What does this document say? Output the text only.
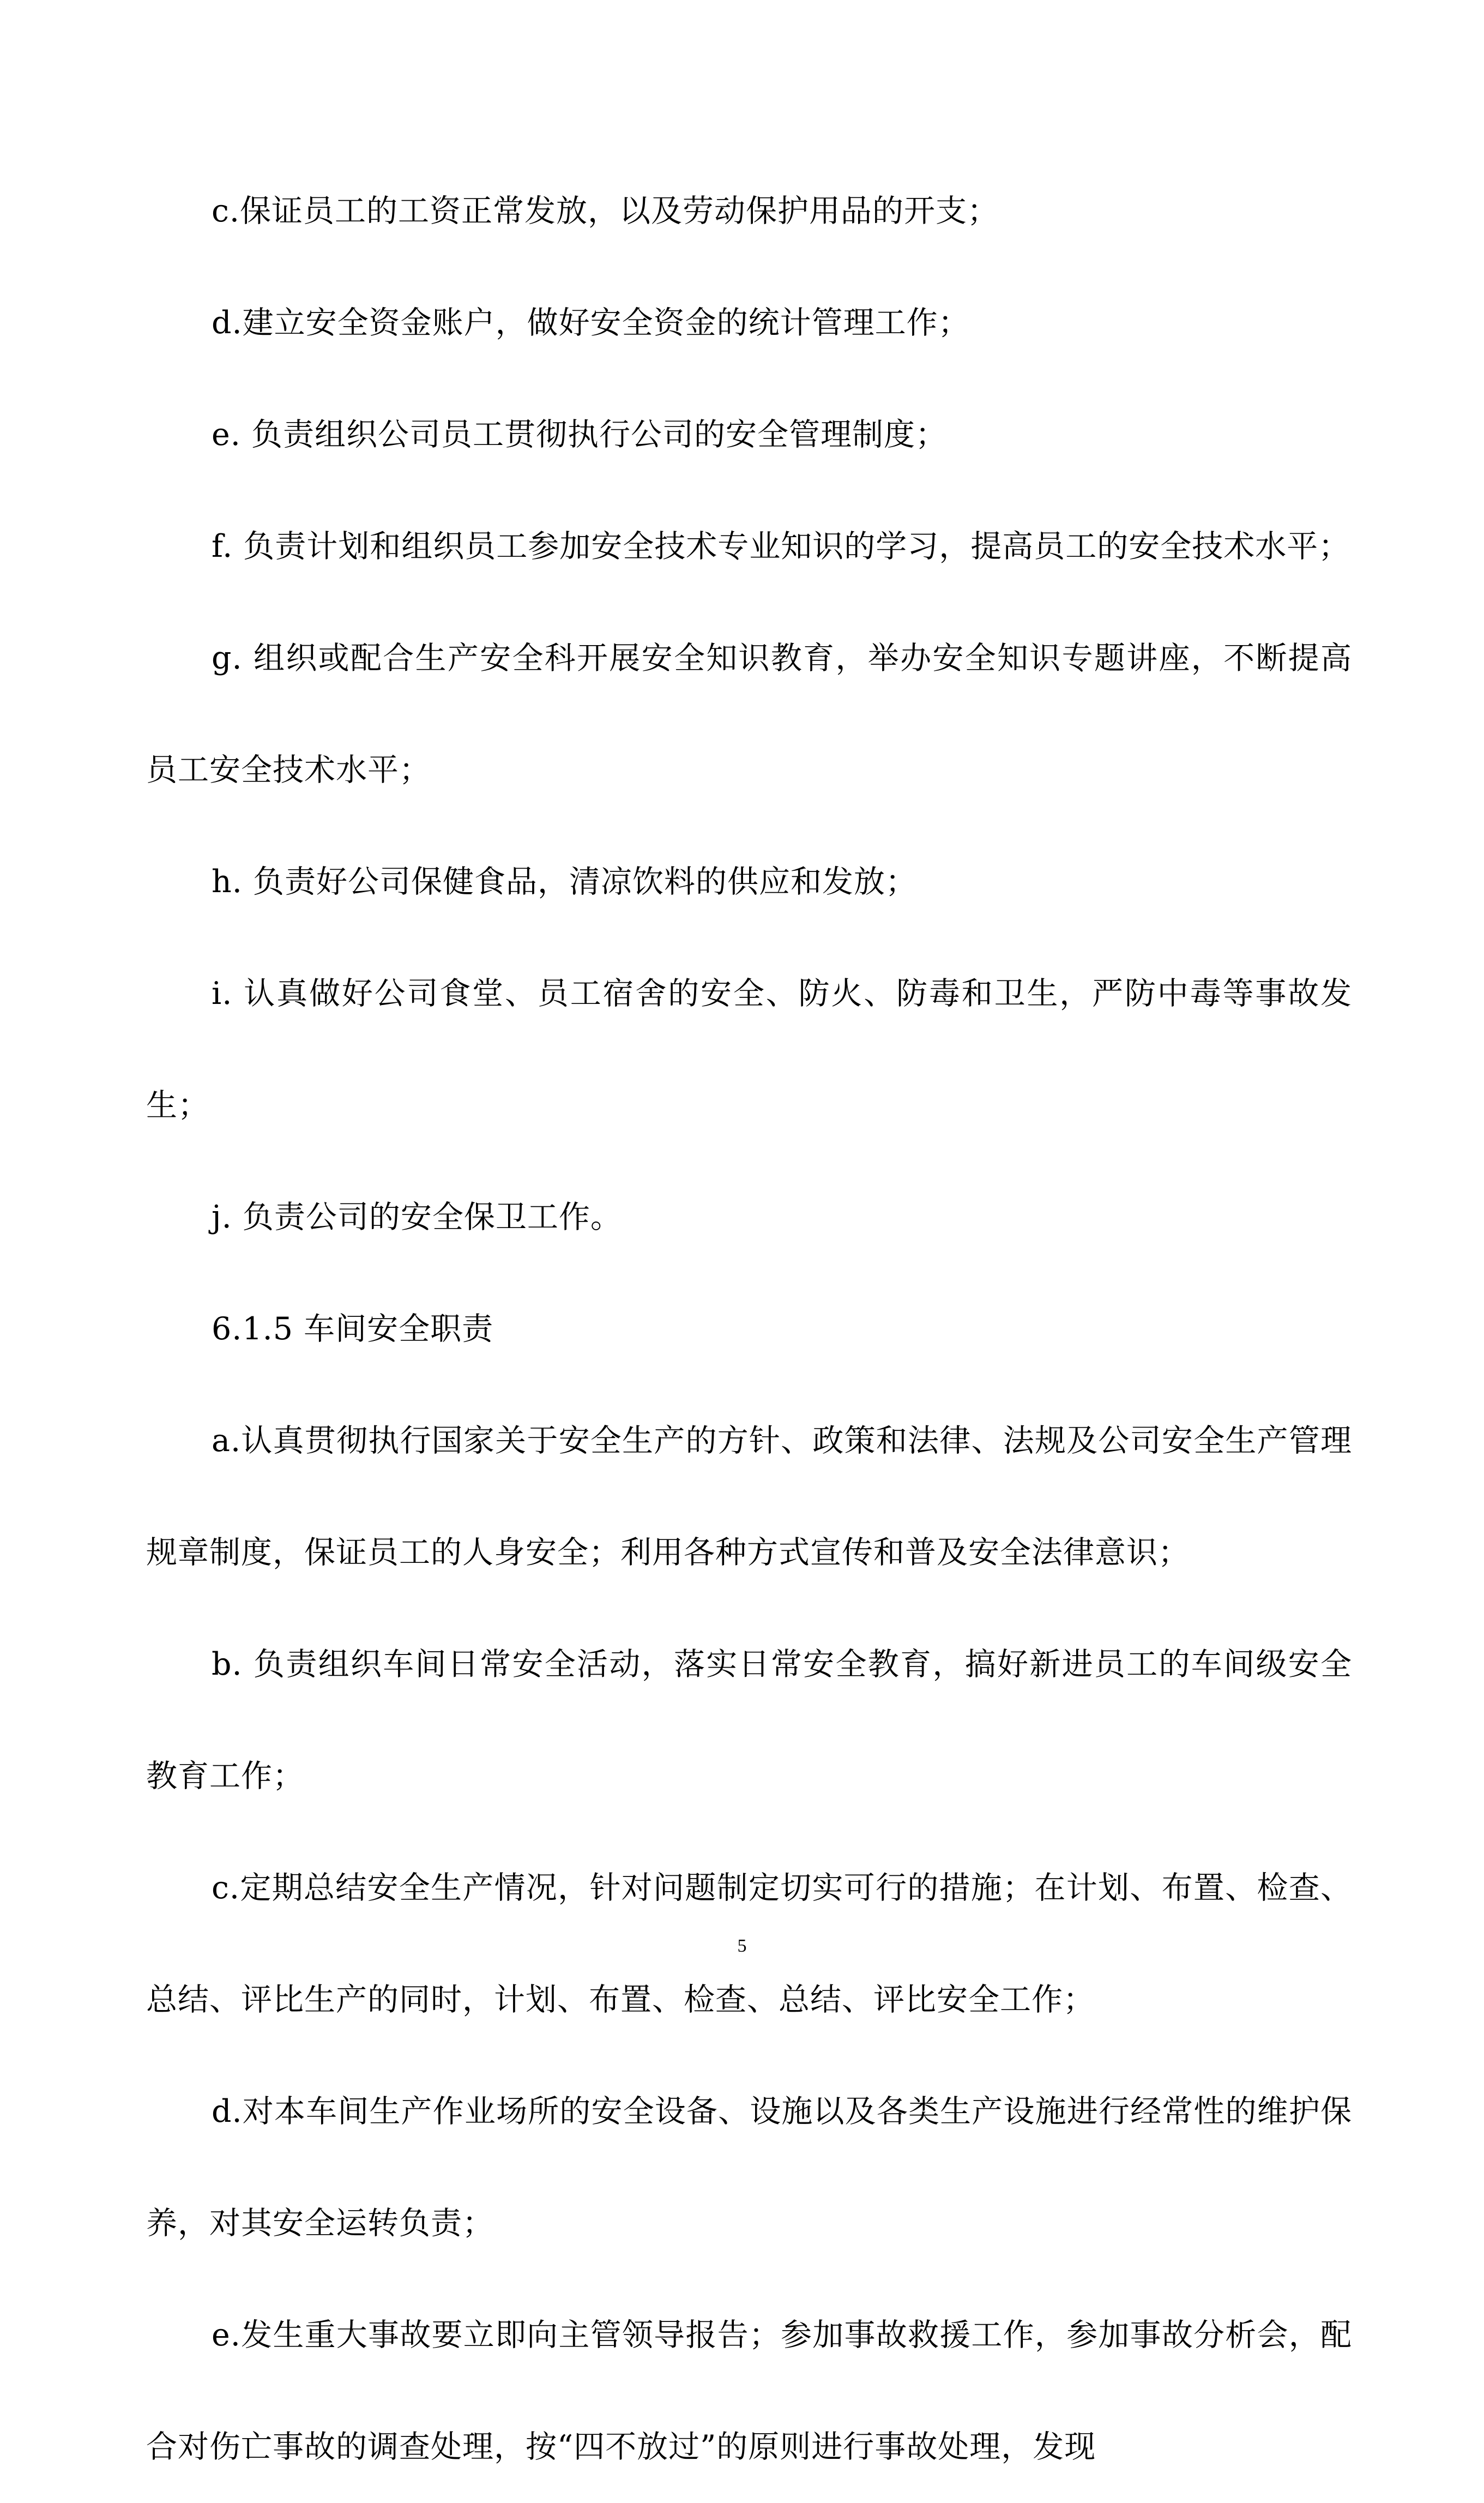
c.保证员工的工资正常发放，以及劳动保护用品的开支；

d.建立安全资金账户，做好安全资金的统计管理工作；

e. 负责组织公司员工贯彻执行公司的安全管理制度；

f. 负责计划和组织员工参加安全技术专业知识的学习，提高员工的安全技术水平；

g. 组织或配合生产安全科开展安全知识教育，举办安全知识专题讲座，不断提高员工安全技术水平；

h. 负责好公司保健食品，清凉饮料的供应和发放；

i. 认真做好公司食堂、员工宿舍的安全、防火、防毒和卫生，严防中毒等事故发生；

j. 负责公司的安全保卫工作。

6.1.5 车间安全职责

a.认真贯彻执行国家关于安全生产的方针、政策和法律、法规及公司安全生产管理规章制度，保证员工的人身安全；利用各种方式宣传和普及安全法律意识；

b. 负责组织车间日常安全活动，落实日常安全教育，搞好新进员工的车间级安全教育工作；

c.定期总结安全生产情况，针对问题制定切实可行的措施；在计划、布置、检查、总结、评比生产的同时，计划、布置、检查、总结、评比安全工作；

d.对本车间生产作业场所的安全设备、设施以及各类生产设施进行经常性的维护保养，对其安全运转负责；

e.发生重大事故要立即向主管领导报告；参加事故救援工作，参加事故分析会，配合对伤亡事故的调查处理，按“四不放过”的原则进行事故处理，发现

5
